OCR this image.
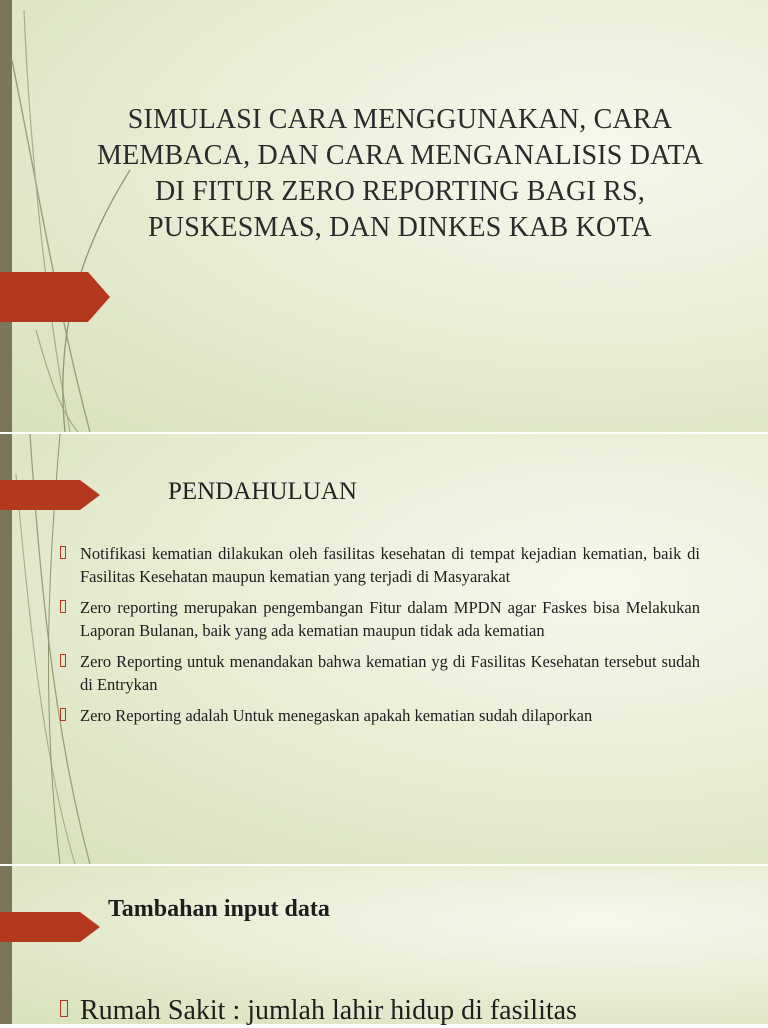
SIMULASI CARA MENGGUNAKAN, CARA MEMBACA, DAN CARA MENGANALISIS DATA DI FITUR ZERO REPORTING BAGI RS, PUSKESMAS, DAN DINKES KAB KOTA
PENDAHULUAN
Notifikasi kematian dilakukan oleh fasilitas kesehatan di tempat kejadian kematian, baik di Fasilitas Kesehatan maupun kematian yang terjadi di Masyarakat
Zero reporting merupakan pengembangan Fitur dalam MPDN agar Faskes bisa Melakukan Laporan Bulanan, baik yang ada kematian maupun tidak ada kematian
Zero Reporting untuk menandakan bahwa kematian yg di Fasilitas Kesehatan tersebut sudah di Entrykan
Zero Reporting adalah Untuk menegaskan apakah kematian sudah dilaporkan
Tambahan input data
Rumah Sakit : jumlah lahir hidup di fasilitas
